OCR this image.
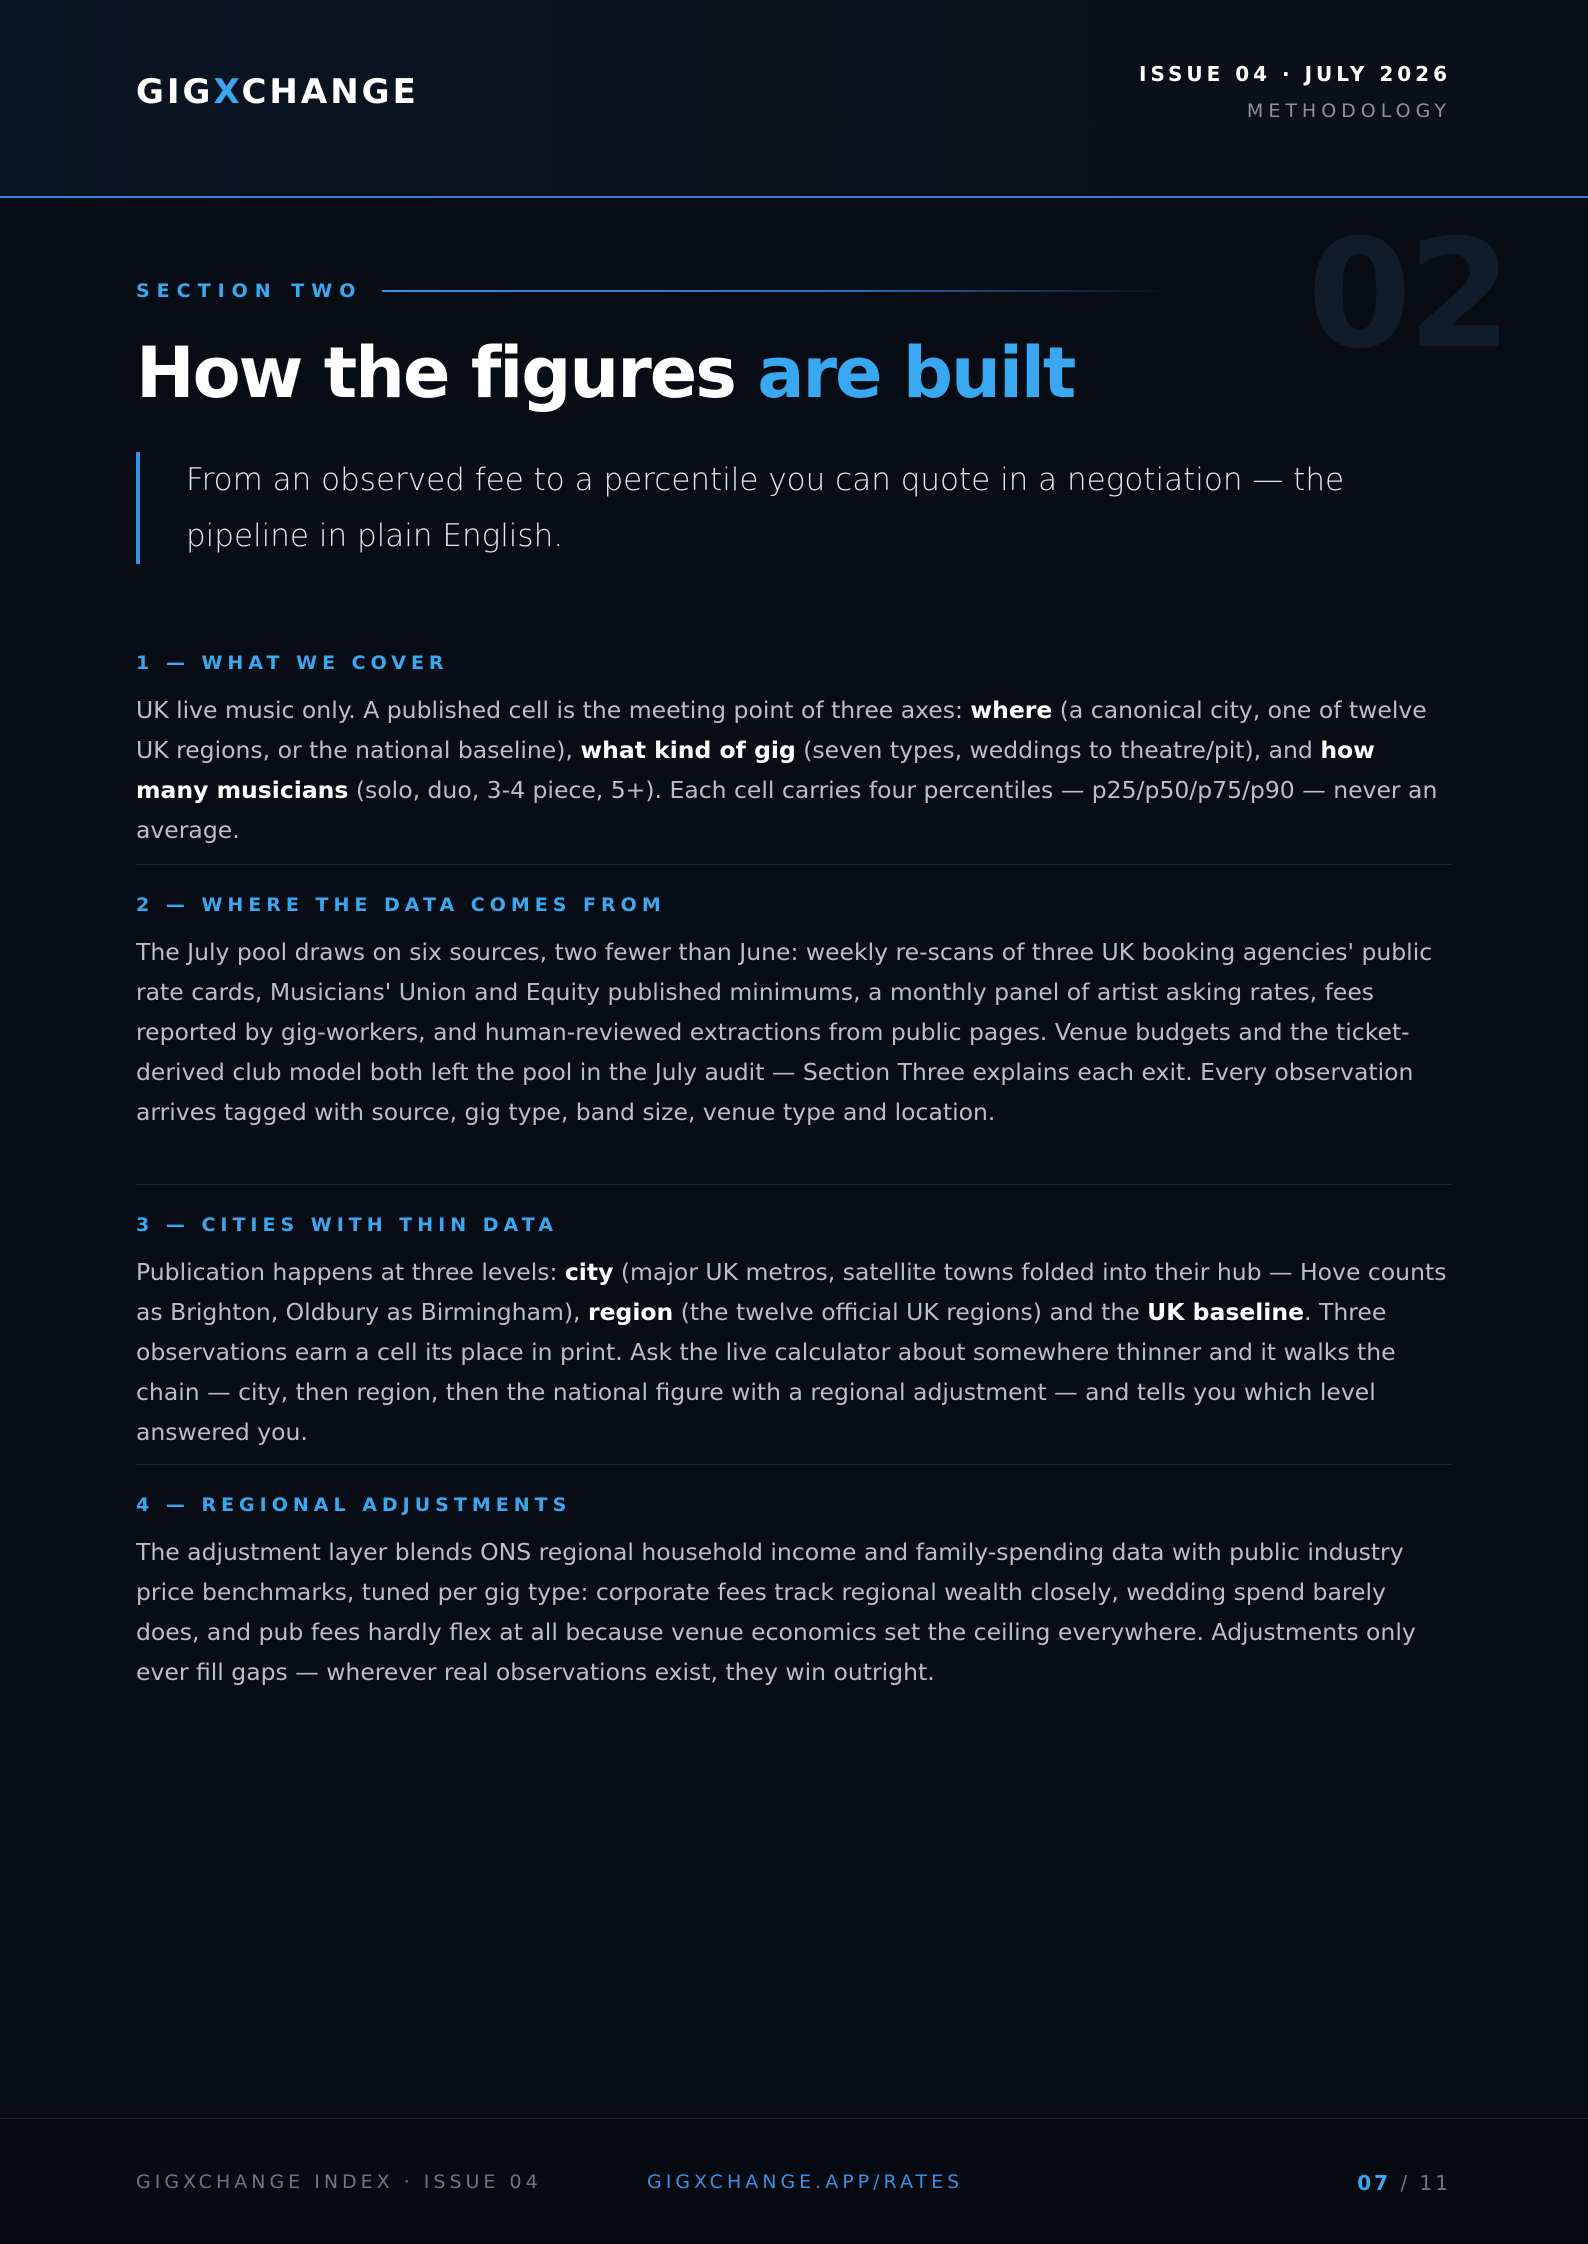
GIGXCHANGE	ISSUE 04 · JULY 2026
METHODOLOGY
02
SECTION TWO
How the figures are built
From an observed fee to a percentile you can quote in a negotiation — the pipeline in plain English.
1 — WHAT WE COVER

UK live music only. A published cell is the meeting point of three axes: where (a canonical city, one of twelve UK regions, or the national baseline), what kind of gig (seven types, weddings to theatre/pit), and how many musicians (solo, duo, 3-4 piece, 5+). Each cell carries four percentiles — p25/p50/p75/p90 — never an average.

2 — WHERE THE DATA COMES FROM

The July pool draws on six sources, two fewer than June: weekly re-scans of three UK booking agencies' public rate cards, Musicians' Union and Equity published minimums, a monthly panel of artist asking rates, fees reported by gig-workers, and human-reviewed extractions from public pages. Venue budgets and the ticket-derived club model both left the pool in the July audit — Section Three explains each exit. Every observation arrives tagged with source, gig type, band size, venue type and location.

3 — CITIES WITH THIN DATA

Publication happens at three levels: city (major UK metros, satellite towns folded into their hub — Hove counts as Brighton, Oldbury as Birmingham), region (the twelve official UK regions) and the UK baseline. Three observations earn a cell its place in print. Ask the live calculator about somewhere thinner and it walks the chain — city, then region, then the national figure with a regional adjustment — and tells you which level answered you.

4 — REGIONAL ADJUSTMENTS

The adjustment layer blends ONS regional household income and family-spending data with public industry price benchmarks, tuned per gig type: corporate fees track regional wealth closely, wedding spend barely does, and pub fees hardly flex at all because venue economics set the ceiling everywhere. Adjustments only ever fill gaps — wherever real observations exist, they win outright.

GIGXCHANGE INDEX · ISSUE 04	GIGXCHANGE.APP/RATES	07 / 11
